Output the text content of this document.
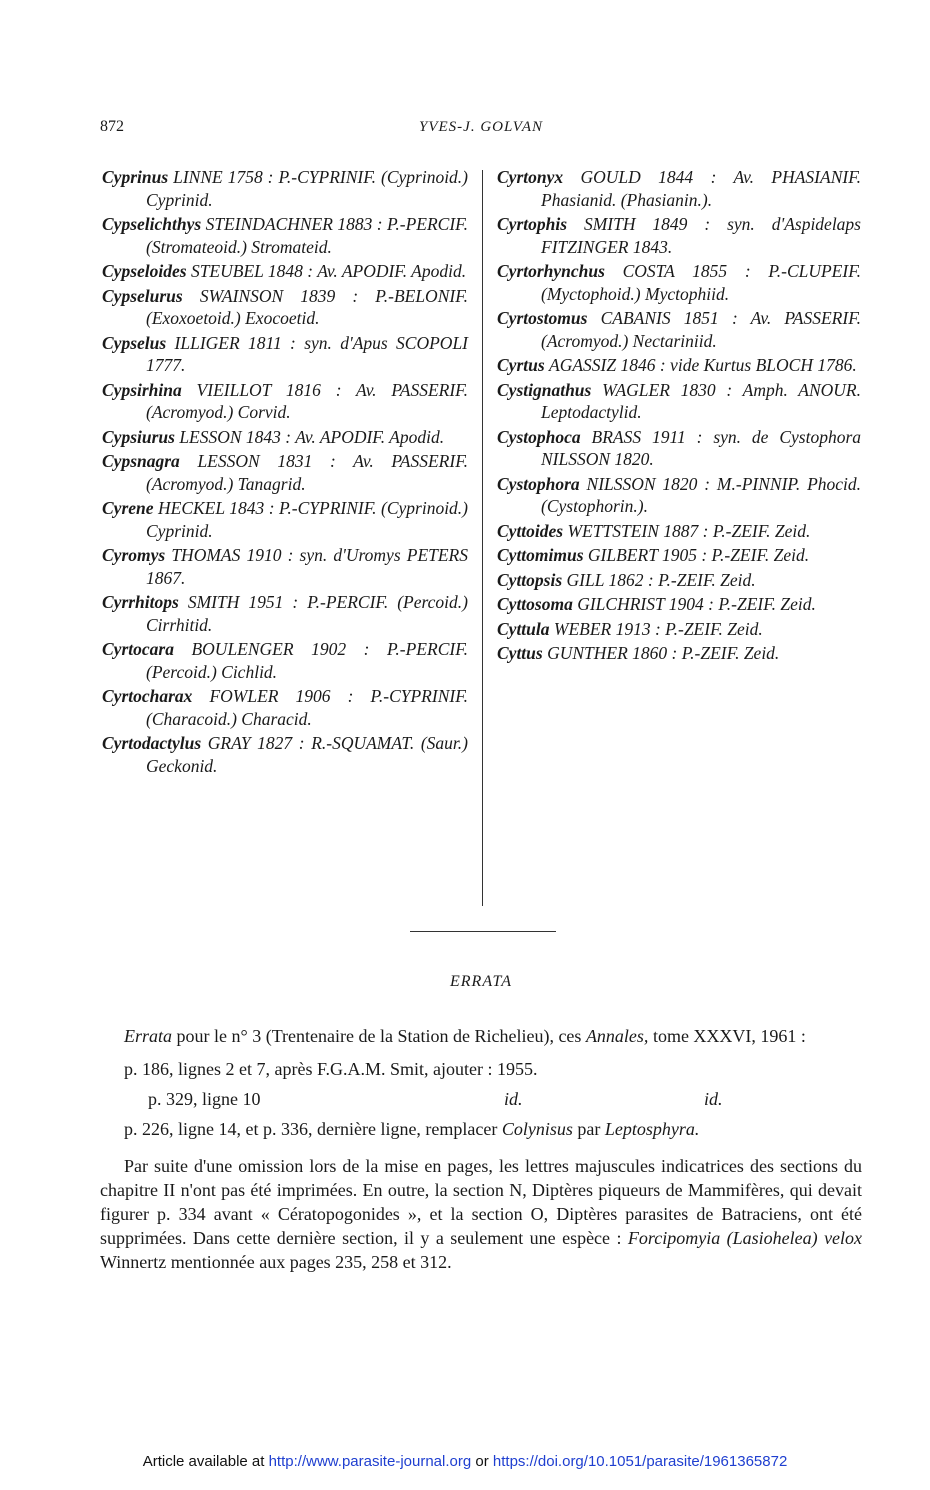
872	YVES-J. GOLVAN
Cyprinus LINNE 1758 : P.-CYPRINIF. (Cyprinoid.) Cyprinid.
Cypselichthys STEINDACHNER 1883 : P.-PERCIF. (Stromateoid.) Stromateid.
Cypseloides STEUBEL 1848 : Av. APODIF. Apodid.
Cypselurus SWAINSON 1839 : P.-BELONIF. (Exoxoetoid.) Exocoetid.
Cypselus ILLIGER 1811 : syn. d'Apus SCOPOLI 1777.
Cypsirhina VIEILLOT 1816 : Av. PASSERIF. (Acromyod.) Corvid.
Cypsiurus LESSON 1843 : Av. APODIF. Apodid.
Cypsnagra LESSON 1831 : Av. PASSERIF. (Acromyod.) Tanagrid.
Cyrene HECKEL 1843 : P.-CYPRINIF. (Cyprinoid.) Cyprinid.
Cyromys THOMAS 1910 : syn. d'Uromys PETERS 1867.
Cyrrhitops SMITH 1951 : P.-PERCIF. (Percoid.) Cirrhitid.
Cyrtocara BOULENGER 1902 : P.-PERCIF. (Percoid.) Cichlid.
Cyrtocharax FOWLER 1906 : P.-CYPRINIF. (Characoid.) Characid.
Cyrtodactylus GRAY 1827 : R.-SQUAMAT. (Saur.) Geckonid.
Cyrtonyx GOULD 1844 : Av. PHASIANIF. Phasianid. (Phasianin.).
Cyrtophis SMITH 1849 : syn. d'Aspidelaps FITZINGER 1843.
Cyrtorhynchus COSTA 1855 : P.-CLUPEIF. (Myctophoid.) Myctophiid.
Cyrtostomus CABANIS 1851 : Av. PASSERIF. (Acromyod.) Nectariniid.
Cyrtus AGASSIZ 1846 : vide Kurtus BLOCH 1786.
Cystignathus WAGLER 1830 : Amph. ANOUR. Leptodactylid.
Cystophoca BRASS 1911 : syn. de Cystophora NILSSON 1820.
Cystophora NILSSON 1820 : M.-PINNIP. Phocid. (Cystophorin.).
Cyttoides WETTSTEIN 1887 : P.-ZEIF. Zeid.
Cyttomimus GILBERT 1905 : P.-ZEIF. Zeid.
Cyttopsis GILL 1862 : P.-ZEIF. Zeid.
Cyttosoma GILCHRIST 1904 : P.-ZEIF. Zeid.
Cyttula WEBER 1913 : P.-ZEIF. Zeid.
Cyttus GUNTHER 1860 : P.-ZEIF. Zeid.
ERRATA

Errata pour le n° 3 (Trentenaire de la Station de Richelieu), ces Annales, tome XXXVI, 1961 :

p. 186, lignes 2 et 7, après F.G.A.M. Smit, ajouter : 1955.

p. 329, ligne 10	id.	id.

p. 226, ligne 14, et p. 336, dernière ligne, remplacer Colynisus par Leptosphyra.

Par suite d'une omission lors de la mise en pages, les lettres majuscules indicatrices des sections du chapitre II n'ont pas été imprimées. En outre, la section N, Diptères piqueurs de Mammifères, qui devait figurer p. 334 avant « Cératopogonides », et la section O, Diptères parasites de Batraciens, ont été supprimées. Dans cette dernière section, il y a seulement une espèce : Forcipomyia (Lasiohelea) velox Winnertz mentionnée aux pages 235, 258 et 312.

Article available at http://www.parasite-journal.org or https://doi.org/10.1051/parasite/1961365872
